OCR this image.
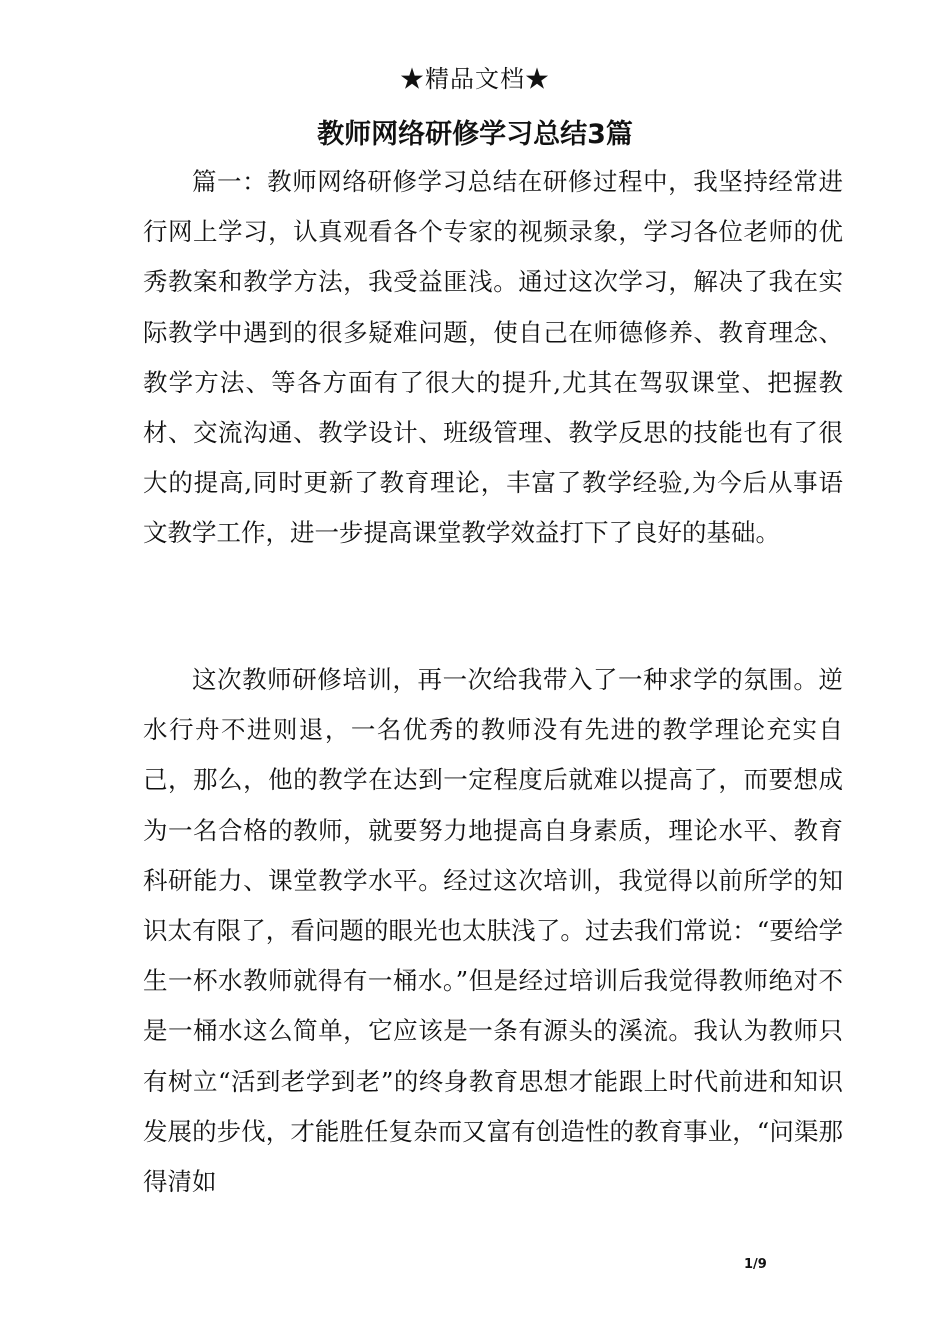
★精品文档★
教师网络研修学习总结3篇

篇一：教师网络研修学习总结在研修过程中，我坚持经常进行网上学习，认真观看各个专家的视频录象，学习各位老师的优秀教案和教学方法，我受益匪浅。通过这次学习，解决了我在实际教学中遇到的很多疑难问题，使自己在师德修养、教育理念、教学方法、等各方面有了很大的提升,尤其在驾驭课堂、把握教材、交流沟通、教学设计、班级管理、教学反思的技能也有了很大的提高,同时更新了教育理论，丰富了教学经验,为今后从事语文教学工作，进一步提高课堂教学效益打下了良好的基础。

这次教师研修培训，再一次给我带入了一种求学的氛围。逆水行舟不进则退，一名优秀的教师没有先进的教学理论充实自己，那么，他的教学在达到一定程度后就难以提高了，而要想成为一名合格的教师，就要努力地提高自身素质，理论水平、教育科研能力、课堂教学水平。经过这次培训，我觉得以前所学的知识太有限了，看问题的眼光也太肤浅了。过去我们常说：“要给学生一杯水教师就得有一桶水。”但是经过培训后我觉得教师绝对不是一桶水这么简单，它应该是一条有源头的溪流。我认为教师只有树立“活到老学到老”的终身教育思想才能跟上时代前进和知识发展的步伐，才能胜任复杂而又富有创造性的教育事业，“问渠那得清如

1/9
